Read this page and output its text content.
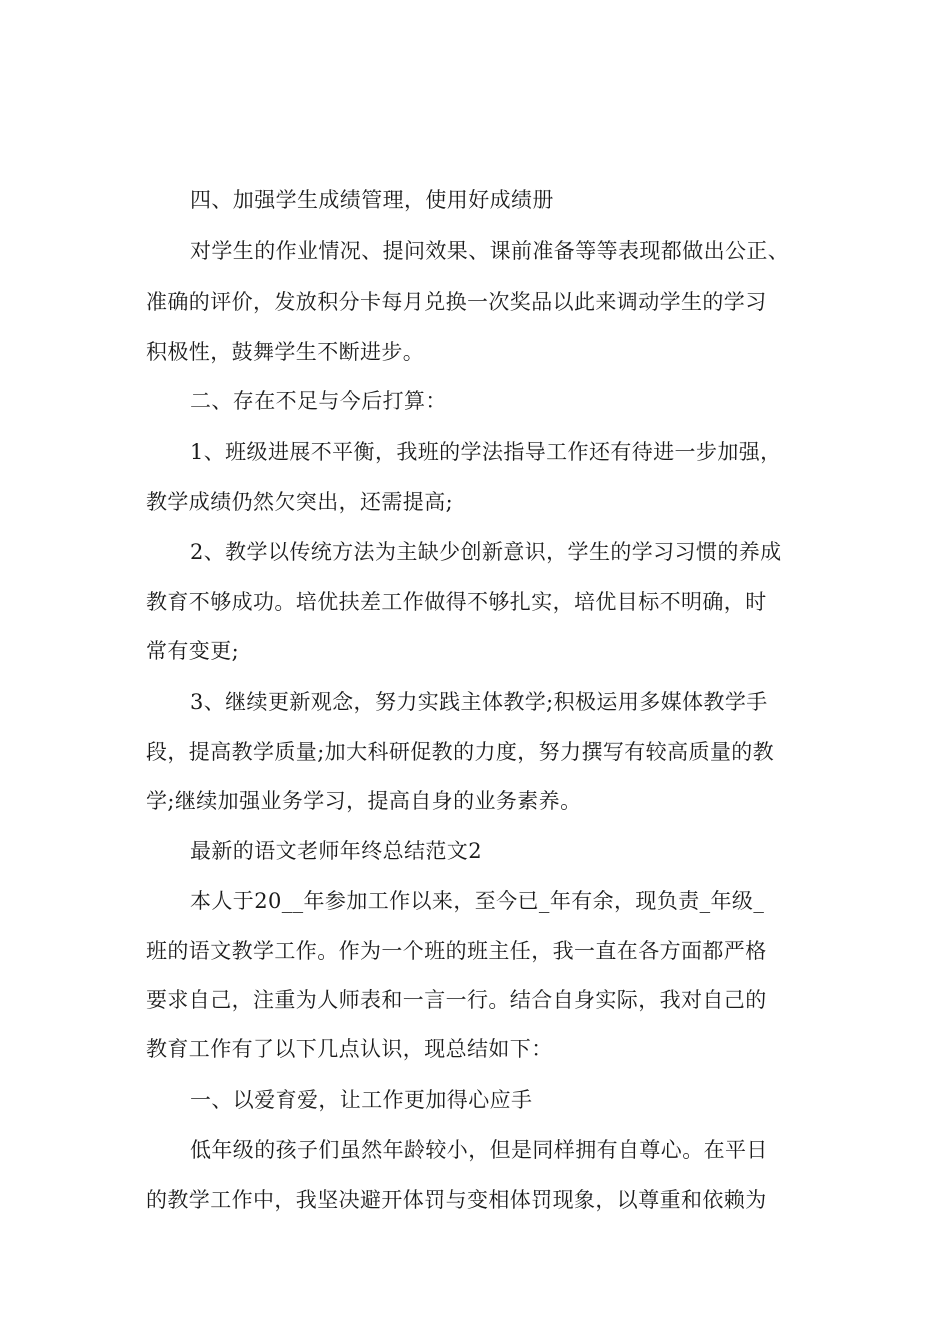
四、加强学生成绩管理，使用好成绩册

对学生的作业情况、提问效果、课前准备等等表现都做出公正、

准确的评价，发放积分卡每月兑换一次奖品以此来调动学生的学习

积极性，鼓舞学生不断进步。

二、存在不足与今后打算：

1、班级进展不平衡，我班的学法指导工作还有待进一步加强，

教学成绩仍然欠突出，还需提高;

2、教学以传统方法为主缺少创新意识，学生的学习习惯的养成

教育不够成功。培优扶差工作做得不够扎实，培优目标不明确，时

常有变更;

3、继续更新观念，努力实践主体教学;积极运用多媒体教学手

段，提高教学质量;加大科研促教的力度，努力撰写有较高质量的教

学;继续加强业务学习，提高自身的业务素养。

最新的语文老师年终总结范文2

本人于20__年参加工作以来，至今已_年有余，现负责_年级_

班的语文教学工作。作为一个班的班主任，我一直在各方面都严格

要求自己，注重为人师表和一言一行。结合自身实际，我对自己的

教育工作有了以下几点认识，现总结如下：

一、以爱育爱，让工作更加得心应手

低年级的孩子们虽然年龄较小，但是同样拥有自尊心。在平日

的教学工作中，我坚决避开体罚与变相体罚现象，以尊重和依赖为
